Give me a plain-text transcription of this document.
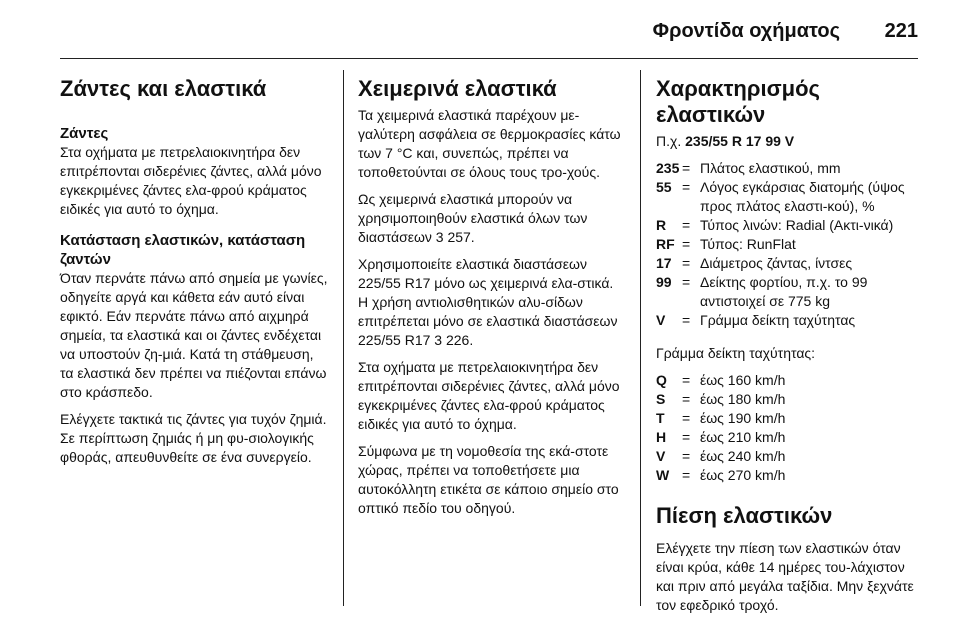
Φροντίδα οχήματος 221
Ζάντες και ελαστικά
Ζάντες

Στα οχήματα με πετρελαιοκινητήρα δεν επιτρέπονται σιδερένιες ζάντες, αλλά μόνο εγκεκριμένες ζάντες ελα-φρού κράματος ειδικές για αυτό το όχημα.

Κατάσταση ελαστικών, κατάσταση ζαντών

Όταν περνάτε πάνω από σημεία με γωνίες, οδηγείτε αργά και κάθετα εάν αυτό είναι εφικτό. Εάν περνάτε πάνω από αιχμηρά σημεία, τα ελαστικά και οι ζάντες ενδέχεται να υποστούν ζη-μιά. Κατά τη στάθμευση, τα ελαστικά δεν πρέπει να πιέζονται επάνω στο κράσπεδο.

Ελέγχετε τακτικά τις ζάντες για τυχόν ζημιά. Σε περίπτωση ζημιάς ή μη φυ-σιολογικής φθοράς, απευθυνθείτε σε ένα συνεργείο.

Χειμερινά ελαστικά

Τα χειμερινά ελαστικά παρέχουν με-γαλύτερη ασφάλεια σε θερμοκρασίες κάτω των 7 °C και, συνεπώς, πρέπει να τοποθετούνται σε όλους τους τρο-χούς.

Ως χειμερινά ελαστικά μπορούν να χρησιμοποιηθούν ελαστικά όλων των διαστάσεων 3 257.

Χρησιμοποιείτε ελαστικά διαστάσεων 225/55 R17 μόνο ως χειμερινά ελα-στικά. Η χρήση αντιολισθητικών αλυ-σίδων επιτρέπεται μόνο σε ελαστικά διαστάσεων 225/55 R17 3 226.

Στα οχήματα με πετρελαιοκινητήρα δεν επιτρέπονται σιδερένιες ζάντες, αλλά μόνο εγκεκριμένες ζάντες ελα-φρού κράματος ειδικές για αυτό το όχημα.

Σύμφωνα με τη νομοθεσία της εκά-στοτε χώρας, πρέπει να τοποθετήσετε μια αυτοκόλλητη ετικέτα σε κάποιο σημείο στο οπτικό πεδίο του οδηγού.

Χαρακτηρισμός ελαστικών

Π.χ. 235/55 R 17 99 V

235 = Πλάτος ελαστικού, mm
55 = Λόγος εγκάρσιας διατομής (ύψος προς πλάτος ελαστι-κού), %
R	= Τύπος λινών: Radial (Ακτι-νικά)
RF = Τύπος: RunFlat
17 = Διάμετρος ζάντας, ίντσες
99 = Δείκτης φορτίου, π.χ. το 99 αντιστοιχεί σε 775 kg
V	= Γράμμα δείκτη ταχύτητας

Γράμμα δείκτη ταχύτητας:

Q	= έως 160 km/h
S	= έως 180 km/h
T	= έως 190 km/h
H	= έως 210 km/h
V	= έως 240 km/h
W = έως 270 km/h
Πίεση ελαστικών

Ελέγχετε την πίεση των ελαστικών όταν είναι κρύα, κάθε 14 ημέρες του-λάχιστον και πριν από μεγάλα ταξίδια. Μην ξεχνάτε τον εφεδρικό τροχό.
